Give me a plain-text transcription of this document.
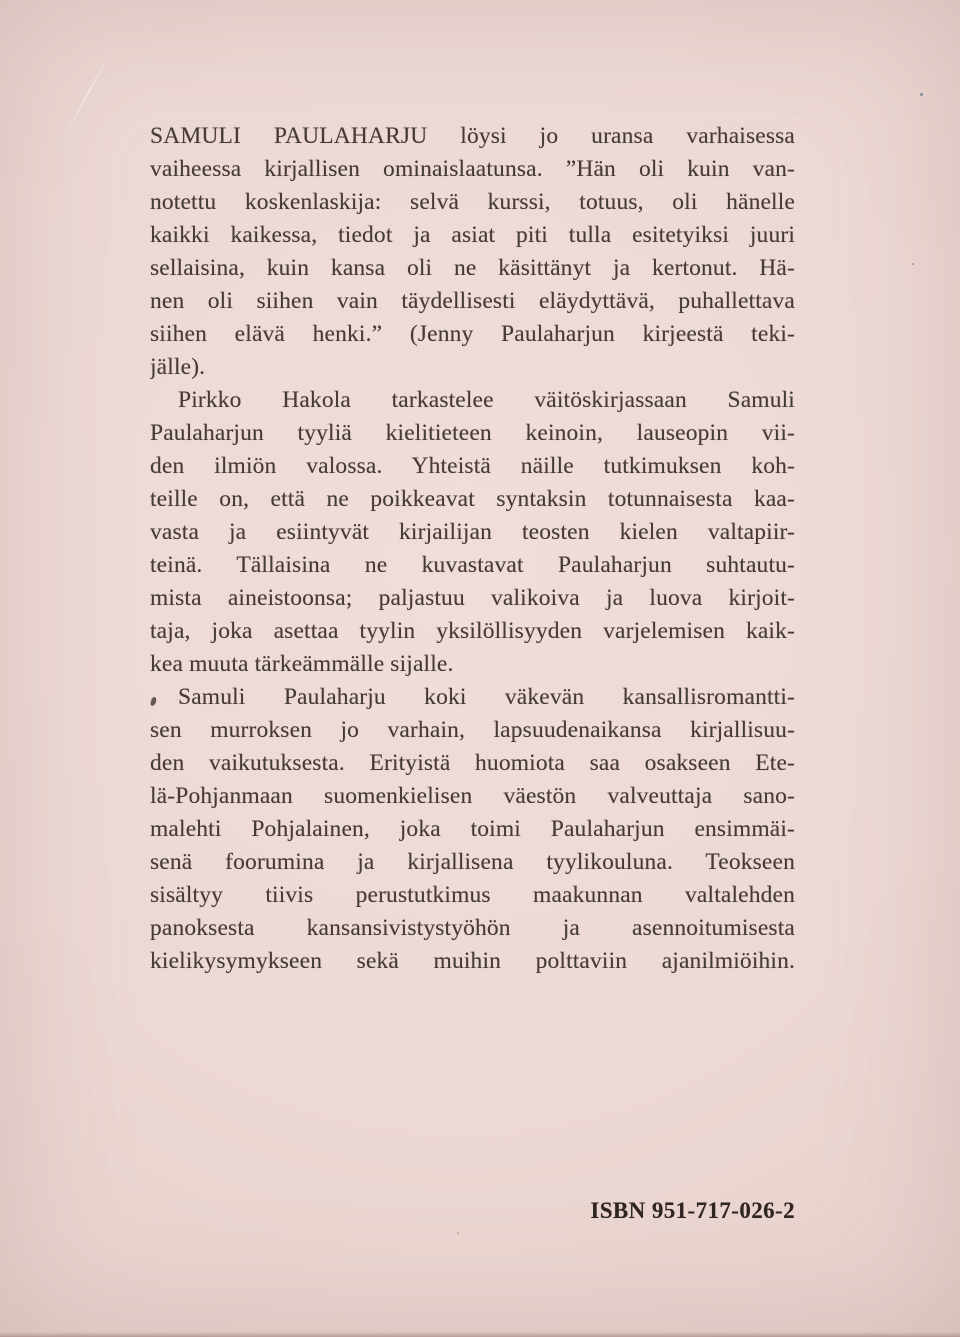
SAMULI PAULAHARJU löysi jo uransa varhaisessa
vaiheessa kirjallisen ominaislaatunsa. ”Hän oli kuin van-
notettu koskenlaskija: selvä kurssi, totuus, oli hänelle
kaikki kaikessa, tiedot ja asiat piti tulla esitetyiksi juuri
sellaisina, kuin kansa oli ne käsittänyt ja kertonut. Hä-
nen oli siihen vain täydellisesti eläydyttävä, puhallettava
siihen elävä henki.” (Jenny Paulaharjun kirjeestä teki-
jälle).
Pirkko Hakola tarkastelee väitöskirjassaan Samuli
Paulaharjun tyyliä kielitieteen keinoin, lauseopin vii-
den ilmiön valossa. Yhteistä näille tutkimuksen koh-
teille on, että ne poikkeavat syntaksin totunnaisesta kaa-
vasta ja esiintyvät kirjailijan teosten kielen valtapiir-
teinä. Tällaisina ne kuvastavat Paulaharjun suhtautu-
mista aineistoonsa; paljastuu valikoiva ja luova kirjoit-
taja, joka asettaa tyylin yksilöllisyyden varjelemisen kaik-
kea muuta tärkeämmälle sijalle.
Samuli Paulaharju koki väkevän kansallisromantti-
sen murroksen jo varhain, lapsuudenaikansa kirjallisuu-
den vaikutuksesta. Erityistä huomiota saa osakseen Ete-
lä-Pohjanmaan suomenkielisen väestön valveuttaja sano-
malehti Pohjalainen, joka toimi Paulaharjun ensimmäi-
senä foorumina ja kirjallisena tyylikouluna. Teokseen
sisältyy tiivis perustutkimus maakunnan valtalehden
panoksesta kansansivistystyöhön ja asennoitumisesta
kielikysymykseen sekä muihin polttaviin ajanilmiöihin.
ISBN 951-717-026-2
